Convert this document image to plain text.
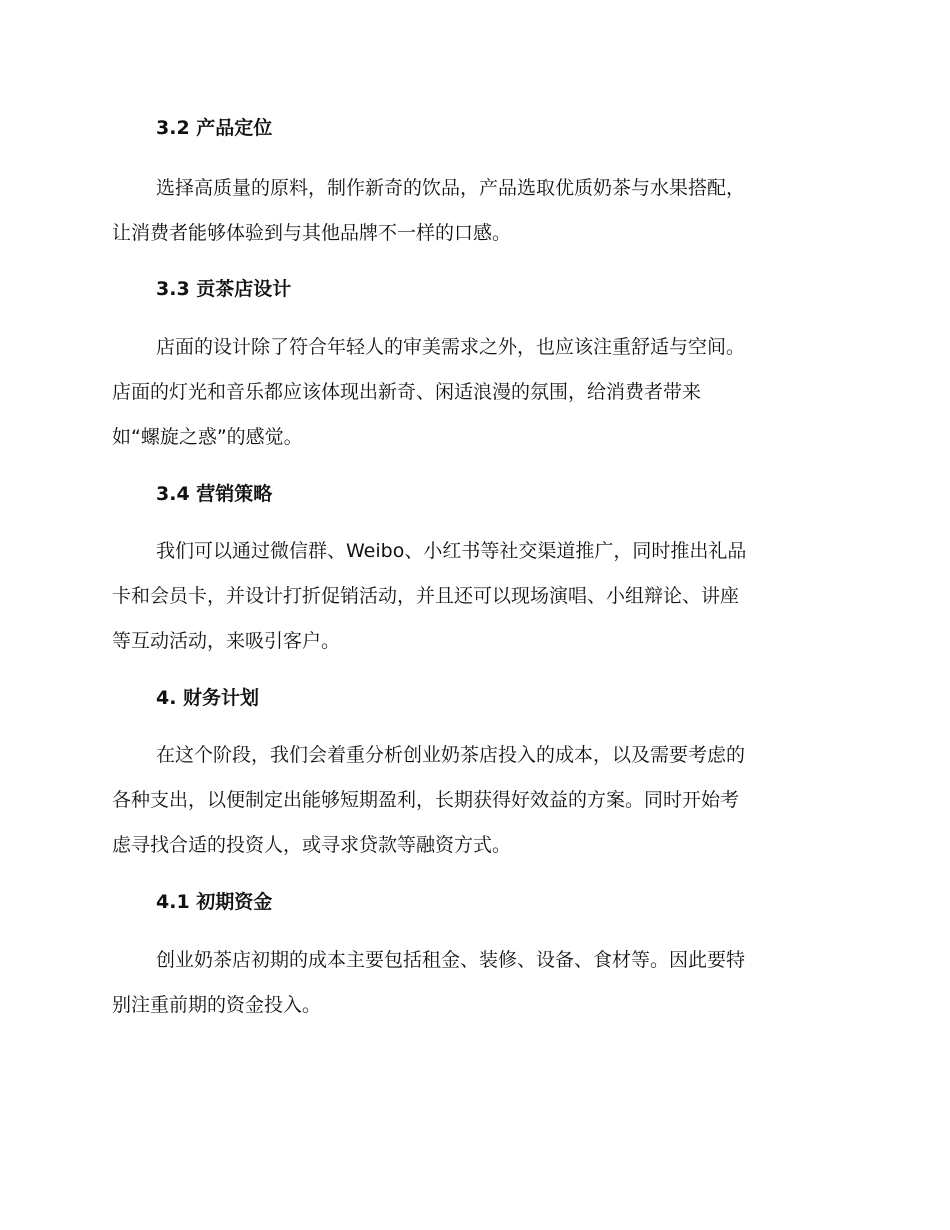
3.2 产品定位
选择高质量的原料，制作新奇的饮品，产品选取优质奶茶与水果搭配，
让消费者能够体验到与其他品牌不一样的口感。
3.3 贡茶店设计
店面的设计除了符合年轻人的审美需求之外，也应该注重舒适与空间。
店面的灯光和音乐都应该体现出新奇、闲适浪漫的氛围，给消费者带来
如“螺旋之惑”的感觉。
3.4 营销策略
我们可以通过微信群、Weibo、小红书等社交渠道推广，同时推出礼品
卡和会员卡，并设计打折促销活动，并且还可以现场演唱、小组辩论、讲座
等互动活动，来吸引客户。
4. 财务计划
在这个阶段，我们会着重分析创业奶茶店投入的成本，以及需要考虑的
各种支出，以便制定出能够短期盈利，长期获得好效益的方案。同时开始考
虑寻找合适的投资人，或寻求贷款等融资方式。
4.1 初期资金
创业奶茶店初期的成本主要包括租金、装修、设备、食材等。因此要特
别注重前期的资金投入。
